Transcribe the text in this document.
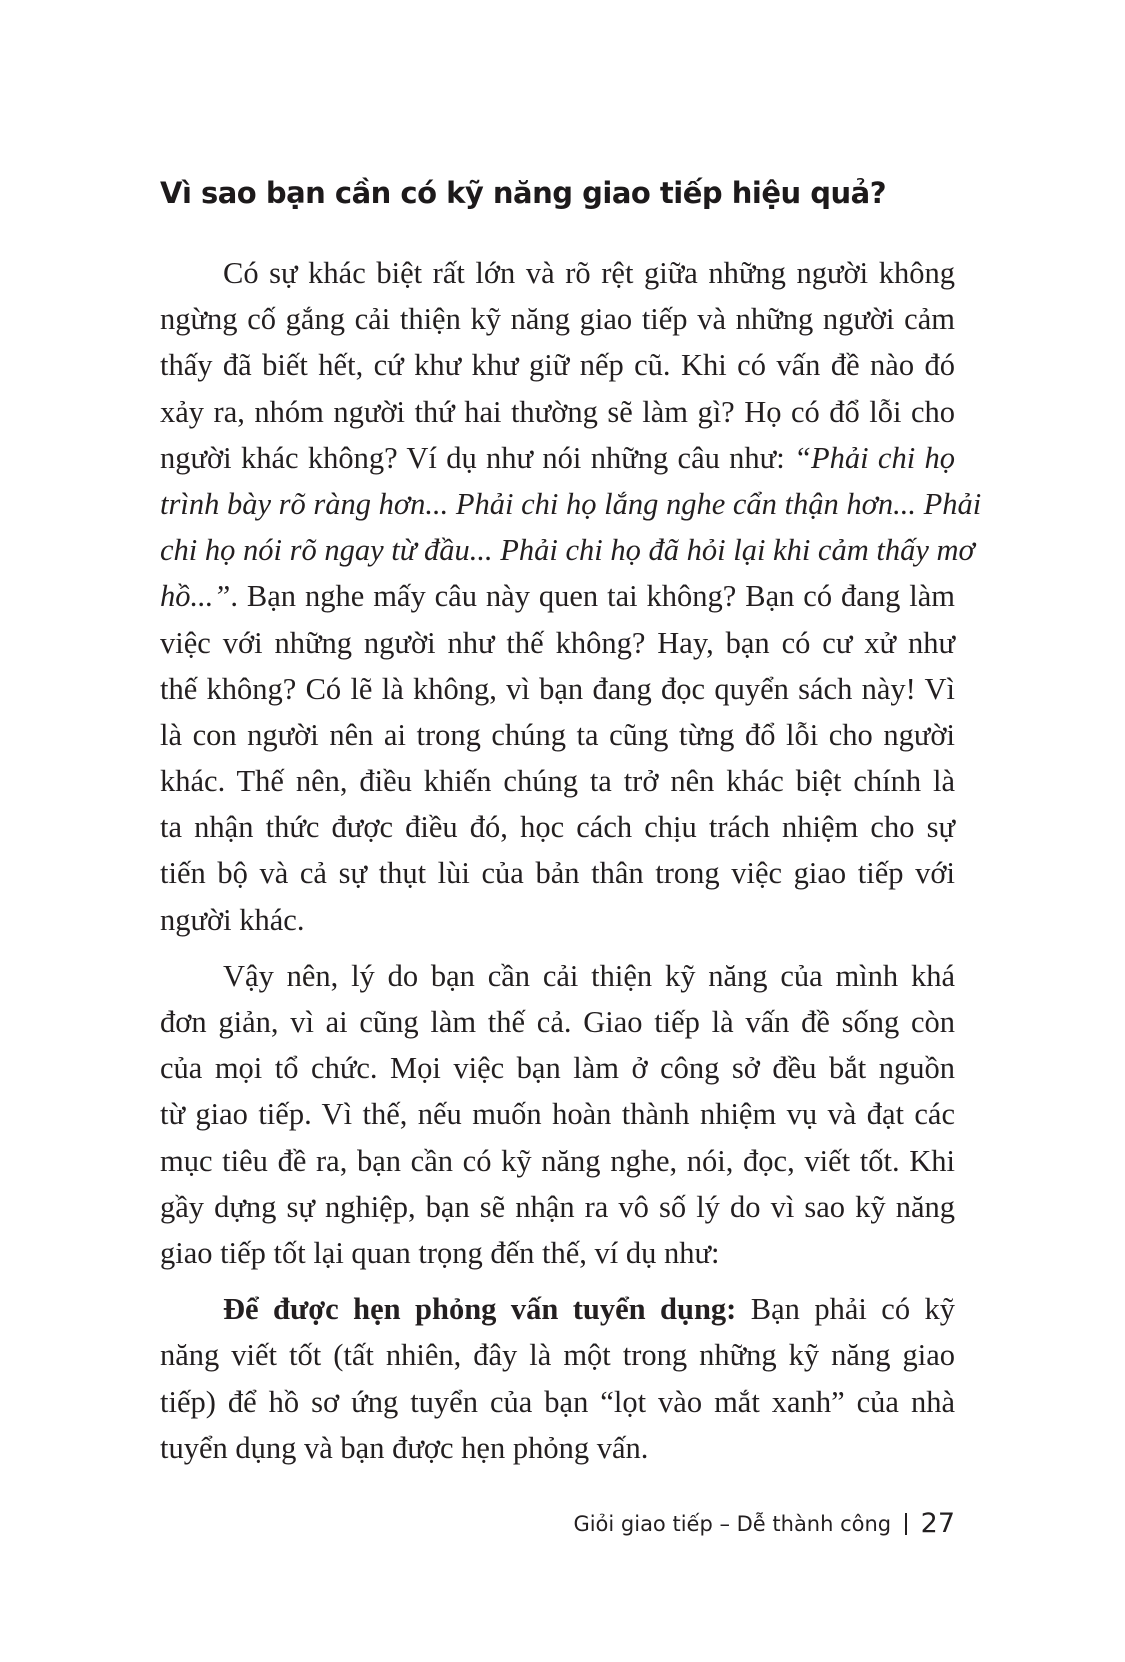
Vì sao bạn cần có kỹ năng giao tiếp hiệu quả?
Có sự khác biệt rất lớn và rõ rệt giữa những người không
ngừng cố gắng cải thiện kỹ năng giao tiếp và những người cảm
thấy đã biết hết, cứ khư khư giữ nếp cũ. Khi có vấn đề nào đó
xảy ra, nhóm người thứ hai thường sẽ làm gì? Họ có đổ lỗi cho
người khác không? Ví dụ như nói những câu như: “Phải chi họ
trình bày rõ ràng hơn... Phải chi họ lắng nghe cẩn thận hơn... Phải
chi họ nói rõ ngay từ đầu... Phải chi họ đã hỏi lại khi cảm thấy mơ
hồ...”. Bạn nghe mấy câu này quen tai không? Bạn có đang làm
việc với những người như thế không? Hay, bạn có cư xử như
thế không? Có lẽ là không, vì bạn đang đọc quyển sách này! Vì
là con người nên ai trong chúng ta cũng từng đổ lỗi cho người
khác. Thế nên, điều khiến chúng ta trở nên khác biệt chính là
ta nhận thức được điều đó, học cách chịu trách nhiệm cho sự
tiến bộ và cả sự thụt lùi của bản thân trong việc giao tiếp với
người khác.
Vậy nên, lý do bạn cần cải thiện kỹ năng của mình khá
đơn giản, vì ai cũng làm thế cả. Giao tiếp là vấn đề sống còn
của mọi tổ chức. Mọi việc bạn làm ở công sở đều bắt nguồn
từ giao tiếp. Vì thế, nếu muốn hoàn thành nhiệm vụ và đạt các
mục tiêu đề ra, bạn cần có kỹ năng nghe, nói, đọc, viết tốt. Khi
gầy dựng sự nghiệp, bạn sẽ nhận ra vô số lý do vì sao kỹ năng
giao tiếp tốt lại quan trọng đến thế, ví dụ như:
Để được hẹn phỏng vấn tuyển dụng: Bạn phải có kỹ
năng viết tốt (tất nhiên, đây là một trong những kỹ năng giao
tiếp) để hồ sơ ứng tuyển của bạn “lọt vào mắt xanh” của nhà
tuyển dụng và bạn được hẹn phỏng vấn.
Giỏi giao tiếp – Dễ thành công 27
